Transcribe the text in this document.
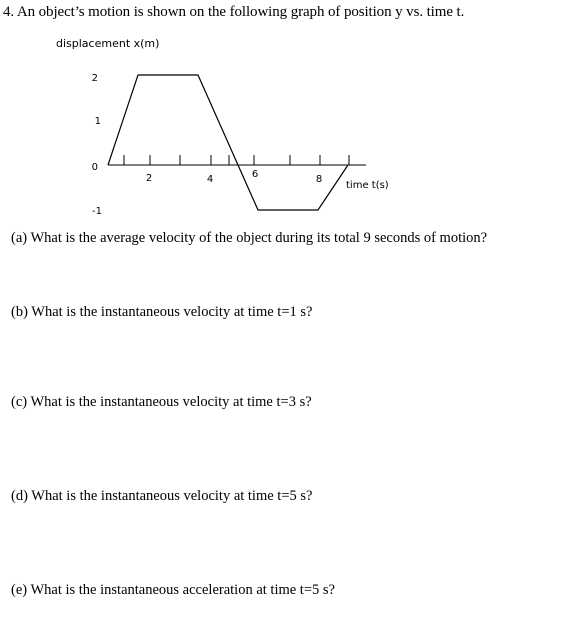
4. An object’s motion is shown on the following graph of position y vs. time t.
displacement x(m)
2
1
0
-1
2	4	6	8
time t(s)
(a) What is the average velocity of the object during its total 9 seconds of motion?
(b) What is the instantaneous velocity at time t=1 s?
(c) What is the instantaneous velocity at time t=3 s?
(d) What is the instantaneous velocity at time t=5 s?
(e) What is the instantaneous acceleration at time t=5 s?
